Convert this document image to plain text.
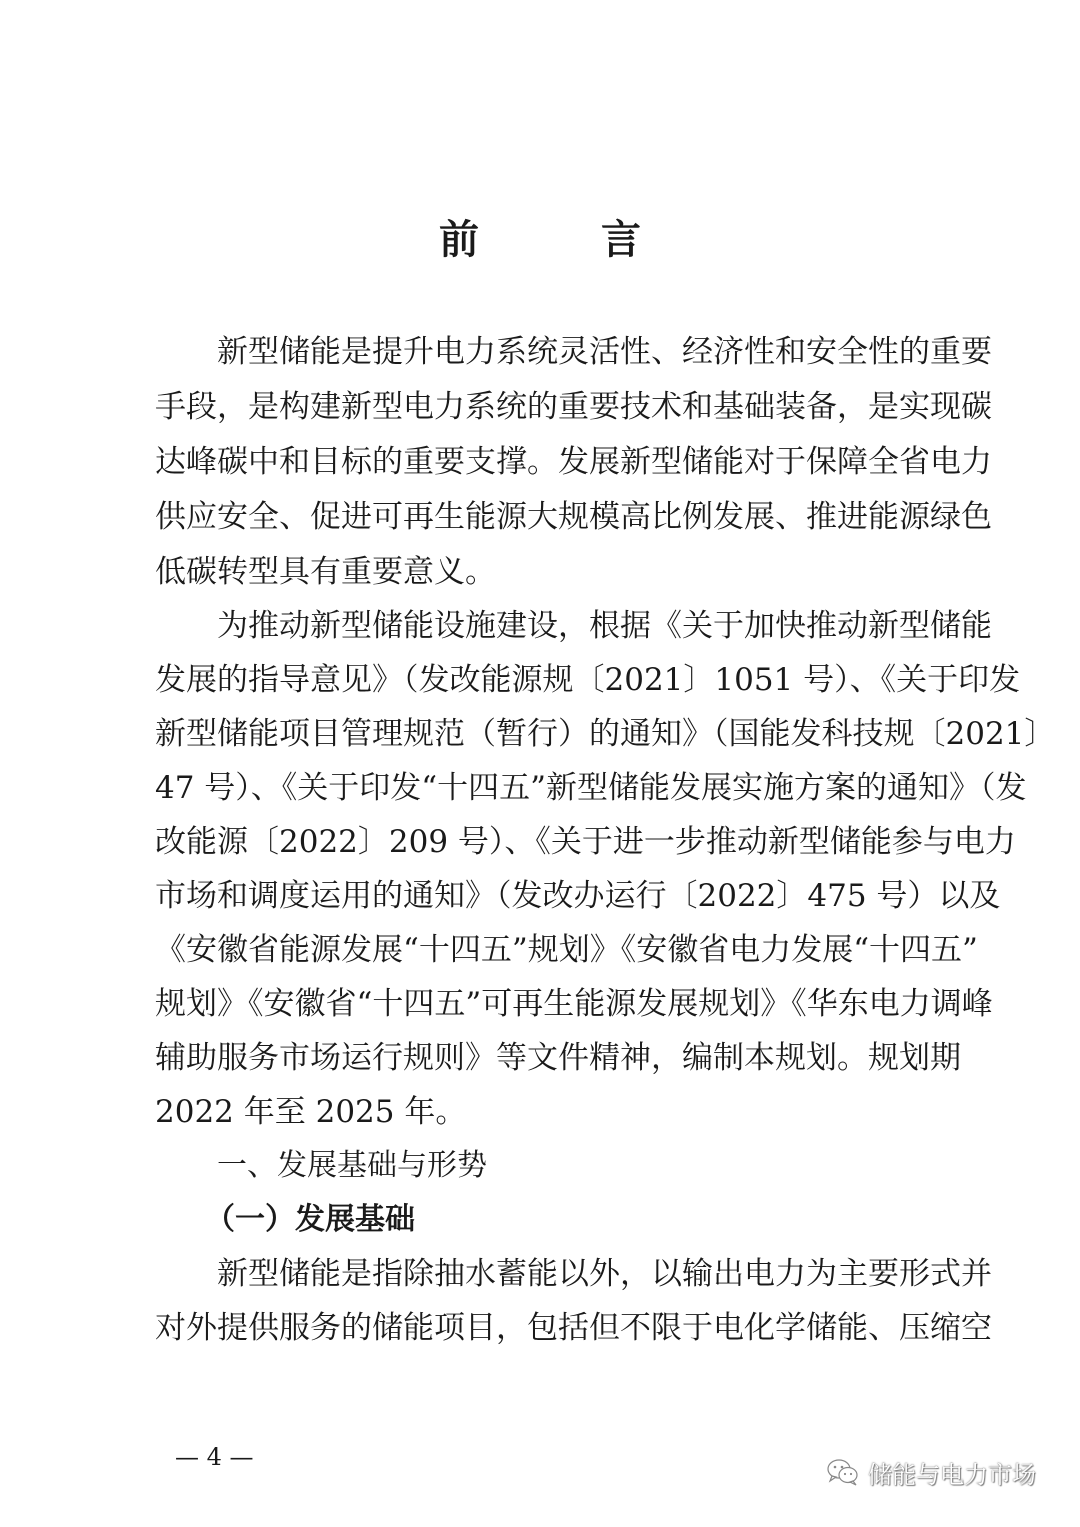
前 言
新型储能是提升电力系统灵活性、经济性和安全性的重要
手段，是构建新型电力系统的重要技术和基础装备，是实现碳
达峰碳中和目标的重要支撑。发展新型储能对于保障全省电力
供应安全、促进可再生能源大规模高比例发展、推进能源绿色
低碳转型具有重要意义。
为推动新型储能设施建设，根据《关于加快推动新型储能
发展的指导意见》（发改能源规〔2021〕1051 号）、《关于印发
新型储能项目管理规范（暂行）的通知》（国能发科技规〔2021〕
47 号）、《关于印发“十四五”新型储能发展实施方案的通知》（发
改能源〔2022〕209 号）、《关于进一步推动新型储能参与电力
市场和调度运用的通知》（发改办运行〔2022〕475 号）以及
《安徽省能源发展“十四五”规划》《安徽省电力发展“十四五”
规划》《安徽省“十四五”可再生能源发展规划》《华东电力调峰
辅助服务市场运行规则》等文件精神，编制本规划。规划期
2022 年至 2025 年。
一、发展基础与形势
（一）发展基础
新型储能是指除抽水蓄能以外，以输出电力为主要形式并
对外提供服务的储能项目，包括但不限于电化学储能、压缩空
— 4 —
储能与电力市场
